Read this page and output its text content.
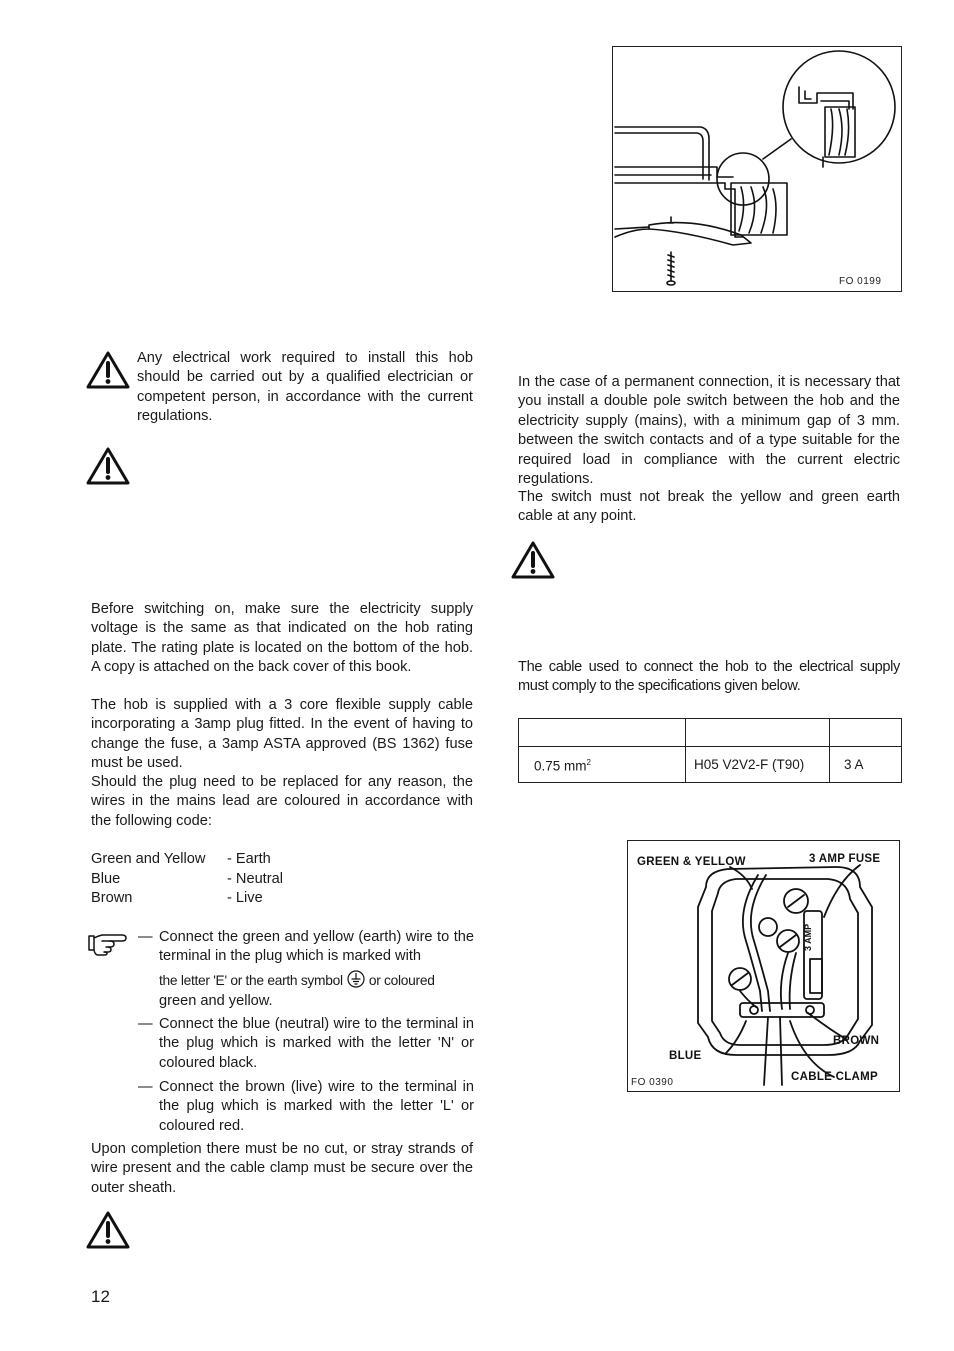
FO 0199
Any electrical work required to install this hob should be carried out by a qualified electrician or competent person, in accordance with the current regulations.
Before switching on, make sure the electricity supply voltage is the same as that indicated on the hob rating plate. The rating plate is located on the bottom of the hob. A copy is attached on the back cover of this book.
The hob is supplied with a 3 core flexible supply cable incorporating a 3amp plug fitted. In the event of having to change the fuse, a 3amp ASTA approved (BS 1362) fuse must be used.
Should the plug need to be replaced for any reason, the wires in the mains lead are coloured in accordance with the following code:
Green and Yellow - Earth
Blue	- Neutral
Brown	- Live
— Connect the green and yellow (earth) wire to the terminal in the plug which is marked with
the letter 'E' or the earth symbol or coloured
green and yellow.
— Connect the blue (neutral) wire to the terminal in the plug which is marked with the letter 'N' or coloured black.
— Connect the brown (live) wire to the terminal in the plug which is marked with the letter 'L' or coloured red.
Upon completion there must be no cut, or stray strands of wire present and the cable clamp must be secure over the outer sheath.
12
In the case of a permanent connection, it is necessary that you install a double pole switch between the hob and the electricity supply (mains), with a minimum gap of 3 mm. between the switch contacts and of a type suitable for the required load in compliance with the current electric regulations.
The switch must not break the yellow and green earth cable at any point.
The cable used to connect the hob to the electrical supply must comply to the specifications given below.

0.75 $mm^2$	H05 V2V2-F (T90)	3 A
3 AMP
GREEN & YELLOW	3 AMP FUSE
BROWN
BLUE
CABLE CLAMP
FO 0390
